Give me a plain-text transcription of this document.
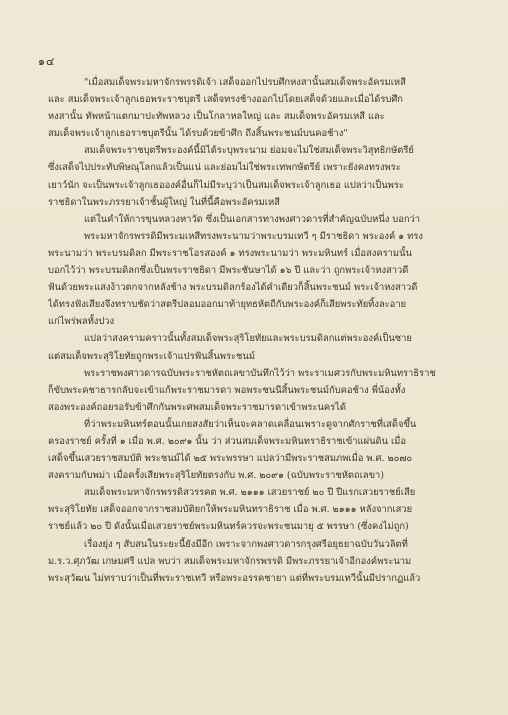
๑๔
"เมื่อสมเด็จพระมหาจักรพรรดิเจ้า เสด็จออกไปรบศึกหงสานั้นสมเด็จพระอัครมเหสี
และ สมเด็จพระเจ้าลูกเธอพระราชบุตรี เสด็จทรงช้างออกไปโดยเสด็จด้วยและเมื่อได้รบศึก
หงสานั้น ทัพหน้าแตกมาปะทัพหลวง เป็นโกลาหลใหญ่ และ สมเด็จพระอัครมเหสี และ
สมเด็จพระเจ้าลูกเธอราชบุตรีนั้น ได้รบด้วยข้าศึก ถึงสิ้นพระชนม์บนคอช้าง"
สมเด็จพระราชบุตรีพระองค์นี้มิได้ระบุพระนาม ย่อมจะไม่ใช่สมเด็จพระวิสุทธิกษัตรีย์
ซึ่งเสด็จไปประทับพิษณุโลกแล้วเป็นแน่ และย่อมไม่ใช่พระเทพกษัตรีย์ เพราะยังคงทรงพระ
เยาว์นัก จะเป็นพระเจ้าลูกเธอองค์อื่นก็ไม่มีระบุว่าเป็นสมเด็จพระเจ้าลูกเธอ แปลว่าเป็นพระ
ราชธิดาในพระภรรยาเจ้าชั้นผู้ใหญ่ ในที่นี้คือพระอัครมเหสี
แต่ในคำให้การขุนหลวงหาวัด ซึ่งเป็นเอกสารทางพงศาวดารที่สำคัญฉบับหนึ่ง บอกว่า
พระมหาจักรพรรดิมีพระมเหสีทรงพระนามว่าพระบรมเทวี ๆ มีราชธิดา พระองค์ ๑ ทรง
พระนามว่า พระบรมดิลก มีพระราชโอรสองค์ ๑ ทรงพระนามว่า พระมหินทร์ เมื่อสงครามนั้น
บอกไว้ว่า พระบรมดิลกซึ่งเป็นพระราชธิดา มีพระชันษาได้ ๑๖ ปี และว่า ถูกพระเจ้าหงสาวดี
ฟันด้วยพระแสงง้าวตกจากหลังช้าง พระบรมดิลกร้องได้คำเดียวก็สิ้นพระชนม์ พระเจ้าหงสาวดี
ได้ทรงฟังเสียงจึงทราบชัดว่าสตรีปลอมออกมาท้ายุทธหัตถีกับพระองค์ก็เสียพระทัยทิ้งละอาย
แก่ไพร่พลทั้งปวง
แปลว่าสงครามคราวนั้นทั้งสมเด็จพระสุริโยทัยและพระบรมดิลกแต่พระองค์เป็นชาย
แต่สมเด็จพระสุริโยทัยถูกพระเจ้าแปรฟันสิ้นพระชนม์
พระราชพงศาวดารฉบับพระราชหัตถเลขาบันทึกไว้ว่า พระราเมศวรกับพระมหินทราธิราช
ก็ขับพระคชาธารกลับจะเข้าแก้พระราชมารดา พอพระชนนีสิ้นพระชนม์กับคอช้าง พี่น้องทั้ง
สองพระองค์ถอยรอรับข้าศึกกันพระศพสมเด็จพระราชมารดาเข้าพระนครได้
ที่ว่าพระมหินทร์ตอนนั้นเกยสงสัยว่าเห็นจะคลาดเคลื่อนเพราะดูจากศักราชที่เสด็จขึ้น
ครองราชย์ ครั้งที่ ๑ เมื่อ พ.ศ. ๒๐๙๑ นั้น ว่า ส่วนสมเด็จพระมหินทราธิราชเข้าแผ่นดิน เมื่อ
เสด็จขึ้นเสวยราชสมบัติ พระชนม์ได้ ๒๕ พระพรรษา แปลว่ามีพระราชสมภพเมื่อ พ.ศ. ๒๐๗๐
สงครามกับพม่า เมื่อครั้งเสียพระสุริโยทัยตรงกับ พ.ศ. ๒๐๙๑ (ฉบับพระราชหัตถเลขา)
สมเด็จพระมหาจักรพรรดิสวรรคต พ.ศ. ๒๑๑๑ เสวยราชย์ ๒๐ ปี ปีแรกเสวยราชย์เสีย
พระสุริโยทัย เสด็จออกจากราชสมบัติยกให้พระมหินทราธิราช เมื่อ พ.ศ. ๒๑๑๑ หลังจากเสวย
ราชย์แล้ว ๒๐ ปี ดังนั้นเมื่อเสวยราชย์พระมหินทร์ควรจะพระชนมายุ ๕ พรรษา (ซึ่งคงไม่ถูก)
เรื่องยุ่ง ๆ สับสนในระยะนี้ยังมีอีก เพราะจากพงศาวดารกรุงศรีอยุธยาฉบับวันวลิตที่
ม.ร.ว.ศุภวัฒ เกษมศรี แปล พบว่า สมเด็จพระมหาจักรพรรดิ มีพระภรรยาเจ้าอีกองค์พระนาม
พระสุวัฒน ไม่ทราบว่าเป็นที่พระราชเทวี หรือพระอรรคชายา แต่ที่พระบรมเทวีนั้นมีปรากฏแล้ว
